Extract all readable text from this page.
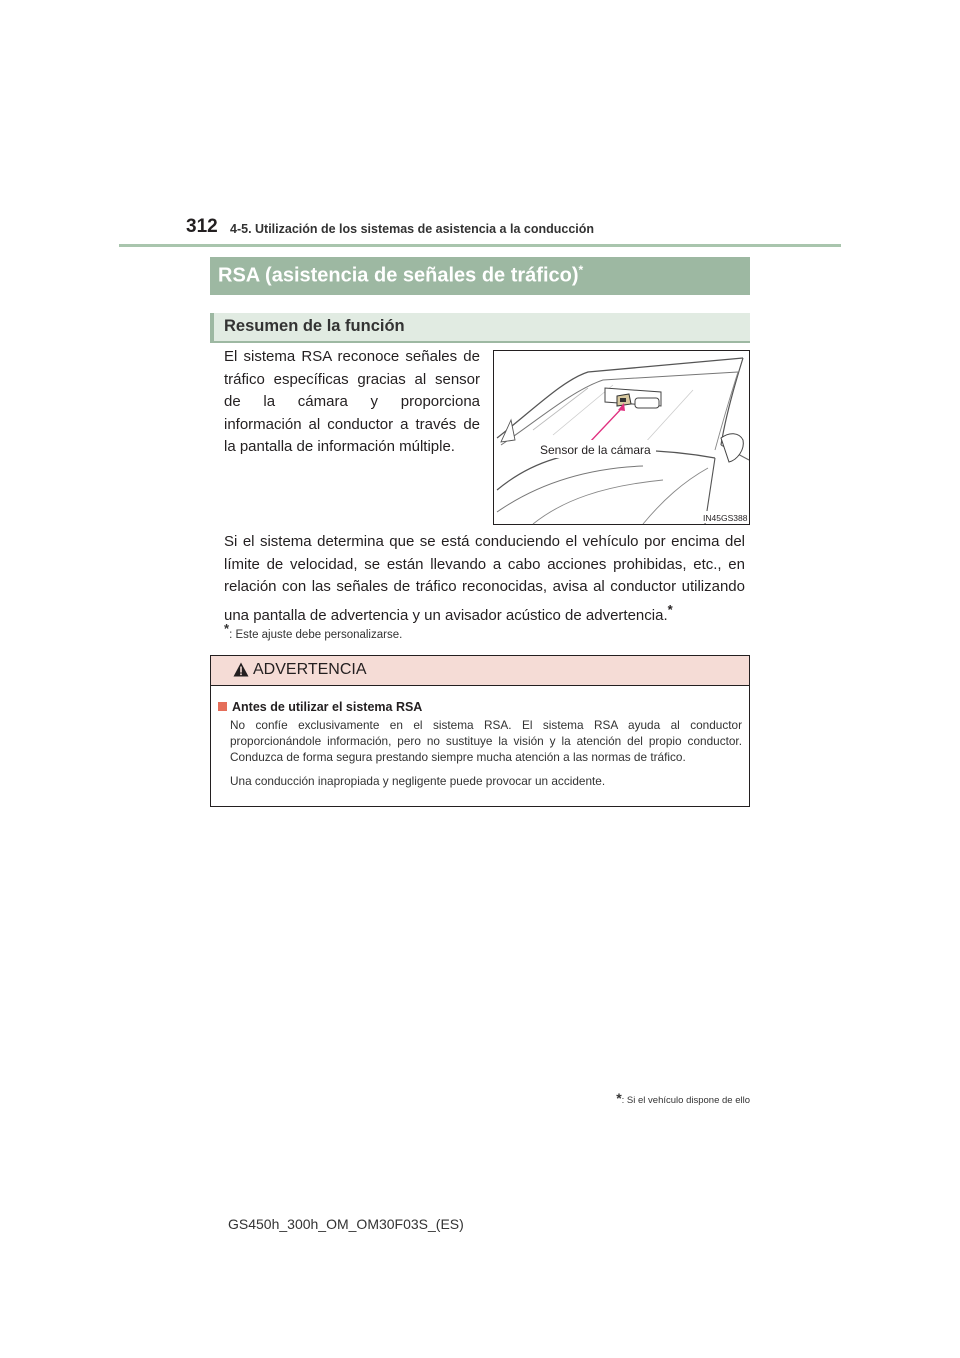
312 4-5. Utilización de los sistemas de asistencia a la conducción
RSA (asistencia de señales de tráfico)*
Resumen de la función
El sistema RSA reconoce señales de tráfico específicas gracias al sensor de la cámara y proporciona información al conductor a través de la pantalla de información múltiple.	Sensor de la cámara
IN45GS388
Si el sistema determina que se está conduciendo el vehículo por encima del límite de velocidad, se están llevando a cabo acciones prohibidas, etc., en relación con las señales de tráfico reconocidas, avisa al conductor utilizando una pantalla de advertencia y un avisador acústico de advertencia.*
*: Este ajuste debe personalizarse.
ADVERTENCIA
Antes de utilizar el sistema RSA
No confíe exclusivamente en el sistema RSA. El sistema RSA ayuda al conductor proporcionándole información, pero no sustituye la visión y la atención del propio conductor. Conduzca de forma segura prestando siempre mucha atención a las normas de tráfico.
Una conducción inapropiada y negligente puede provocar un accidente.
*: Si el vehículo dispone de ello
GS450h_300h_OM_OM30F03S_(ES)
